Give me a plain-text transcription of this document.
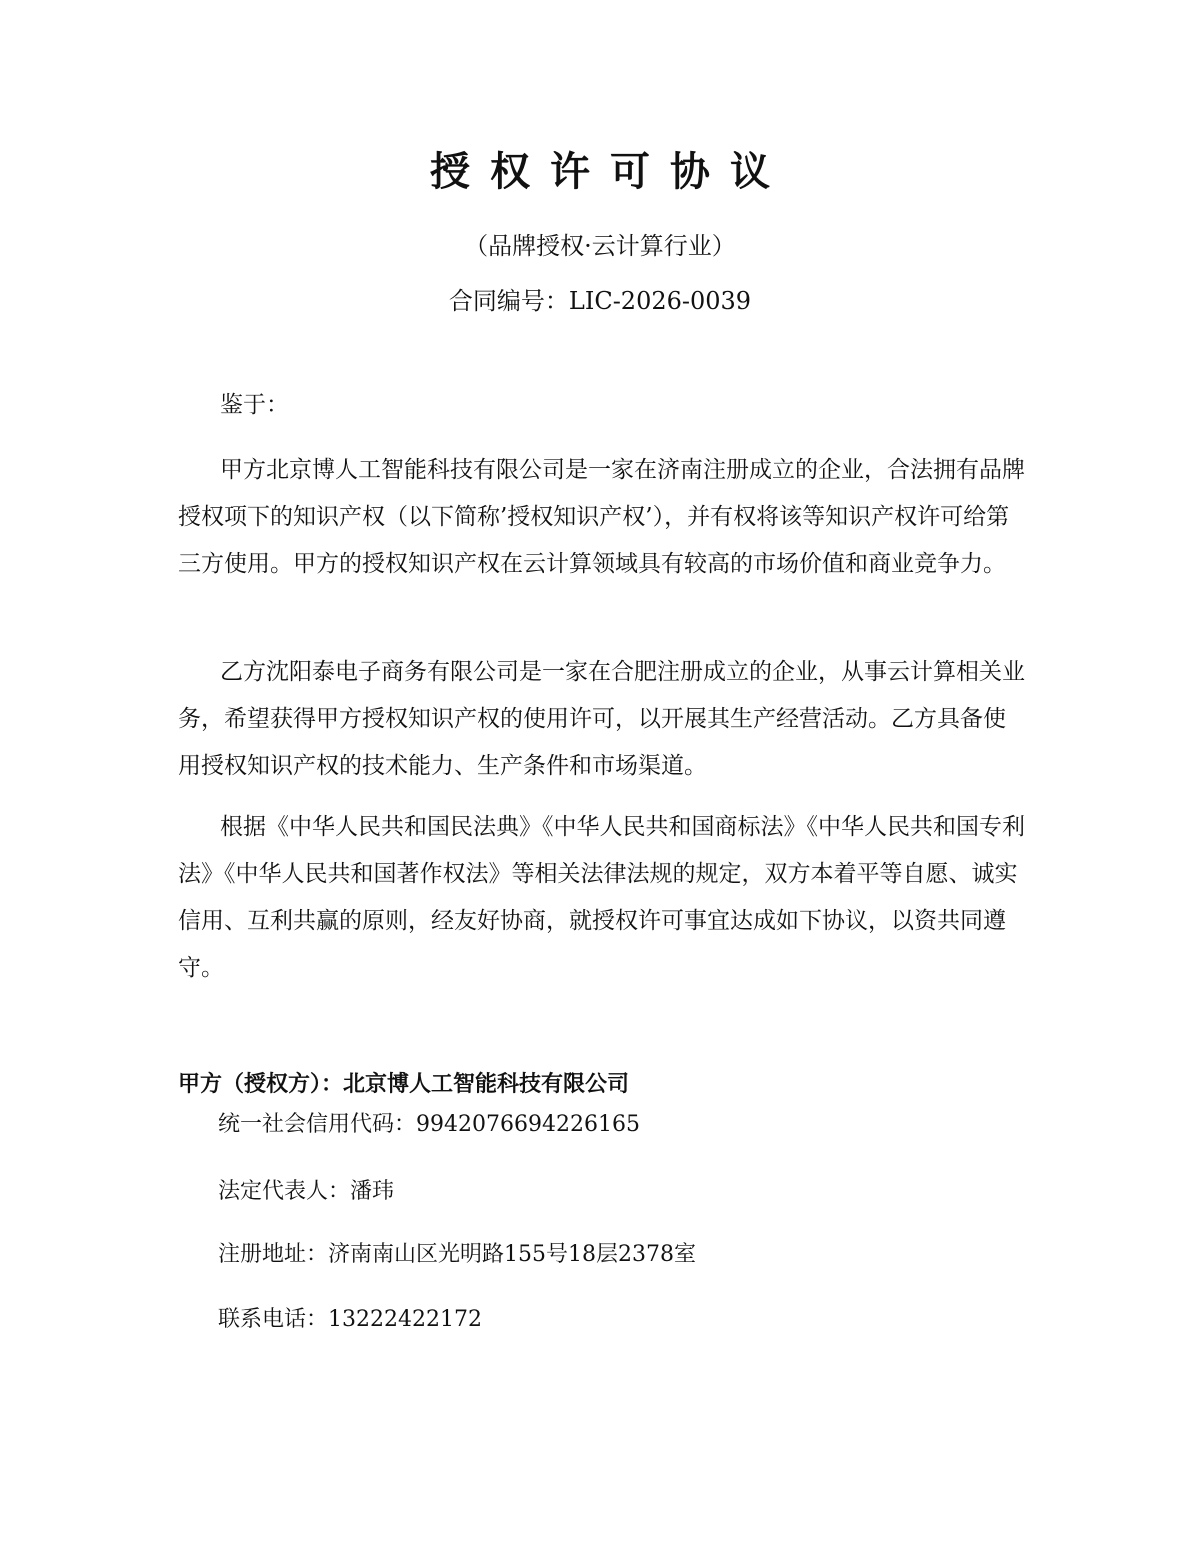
授权许可协议
（品牌授权·云计算行业）
合同编号：LIC-2026-0039
鉴于：
甲方北京博人工智能科技有限公司是一家在济南注册成立的企业，合法拥有品牌授权项下的知识产权（以下简称’授权知识产权’），并有权将该等知识产权许可给第三方使用。甲方的授权知识产权在云计算领域具有较高的市场价值和商业竞争力。
乙方沈阳泰电子商务有限公司是一家在合肥注册成立的企业，从事云计算相关业务，希望获得甲方授权知识产权的使用许可，以开展其生产经营活动。乙方具备使用授权知识产权的技术能力、生产条件和市场渠道。
根据《中华人民共和国民法典》《中华人民共和国商标法》《中华人民共和国专利法》《中华人民共和国著作权法》等相关法律法规的规定，双方本着平等自愿、诚实信用、互利共赢的原则，经友好协商，就授权许可事宜达成如下协议，以资共同遵守。
甲方（授权方）：北京博人工智能科技有限公司
统一社会信用代码：9942076694226165
法定代表人：潘玮
注册地址：济南南山区光明路155号18层2378室
联系电话：13222422172
